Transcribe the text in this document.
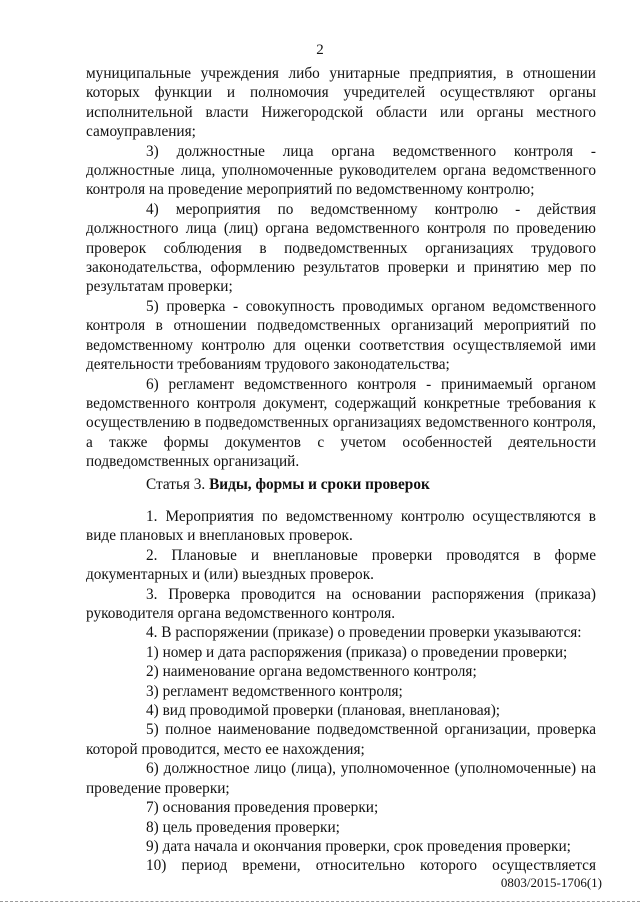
2

муниципальные учреждения либо унитарные предприятия, в отношении которых функции и полномочия учредителей осуществляют органы исполнительной власти Нижегородской области или органы местного самоуправления;

3) должностные лица органа ведомственного контроля - должностные лица, уполномоченные руководителем органа ведомственного контроля на проведение мероприятий по ведомственному контролю;

4) мероприятия по ведомственному контролю - действия должностного лица (лиц) органа ведомственного контроля по проведению проверок соблюдения в подведомственных организациях трудового законодательства, оформлению результатов проверки и принятию мер по результатам проверки;

5) проверка - совокупность проводимых органом ведомственного контроля в отношении подведомственных организаций мероприятий по ведомственному контролю для оценки соответствия осуществляемой ими деятельности требованиям трудового законодательства;

6) регламент ведомственного контроля - принимаемый органом ведомственного контроля документ, содержащий конкретные требования к осуществлению в подведомственных организациях ведомственного контроля, а также формы документов с учетом особенностей деятельности подведомственных организаций.

Статья 3. Виды, формы и сроки проверок

1. Мероприятия по ведомственному контролю осуществляются в виде плановых и внеплановых проверок.

2. Плановые и внеплановые проверки проводятся в форме документарных и (или) выездных проверок.

3. Проверка проводится на основании распоряжения (приказа) руководителя органа ведомственного контроля.

4. В распоряжении (приказе) о проведении проверки указываются:

1) номер и дата распоряжения (приказа) о проведении проверки;

2) наименование органа ведомственного контроля;

3) регламент ведомственного контроля;

4) вид проводимой проверки (плановая, внеплановая);

5) полное наименование подведомственной организации, проверка которой проводится, место ее нахождения;

6) должностное лицо (лица), уполномоченное (уполномоченные) на проведение проверки;

7) основания проведения проверки;

8) цель проведения проверки;

9) дата начала и окончания проверки, срок проведения проверки;

10) период времени, относительно которого осуществляется

0803/2015-1706(1)
